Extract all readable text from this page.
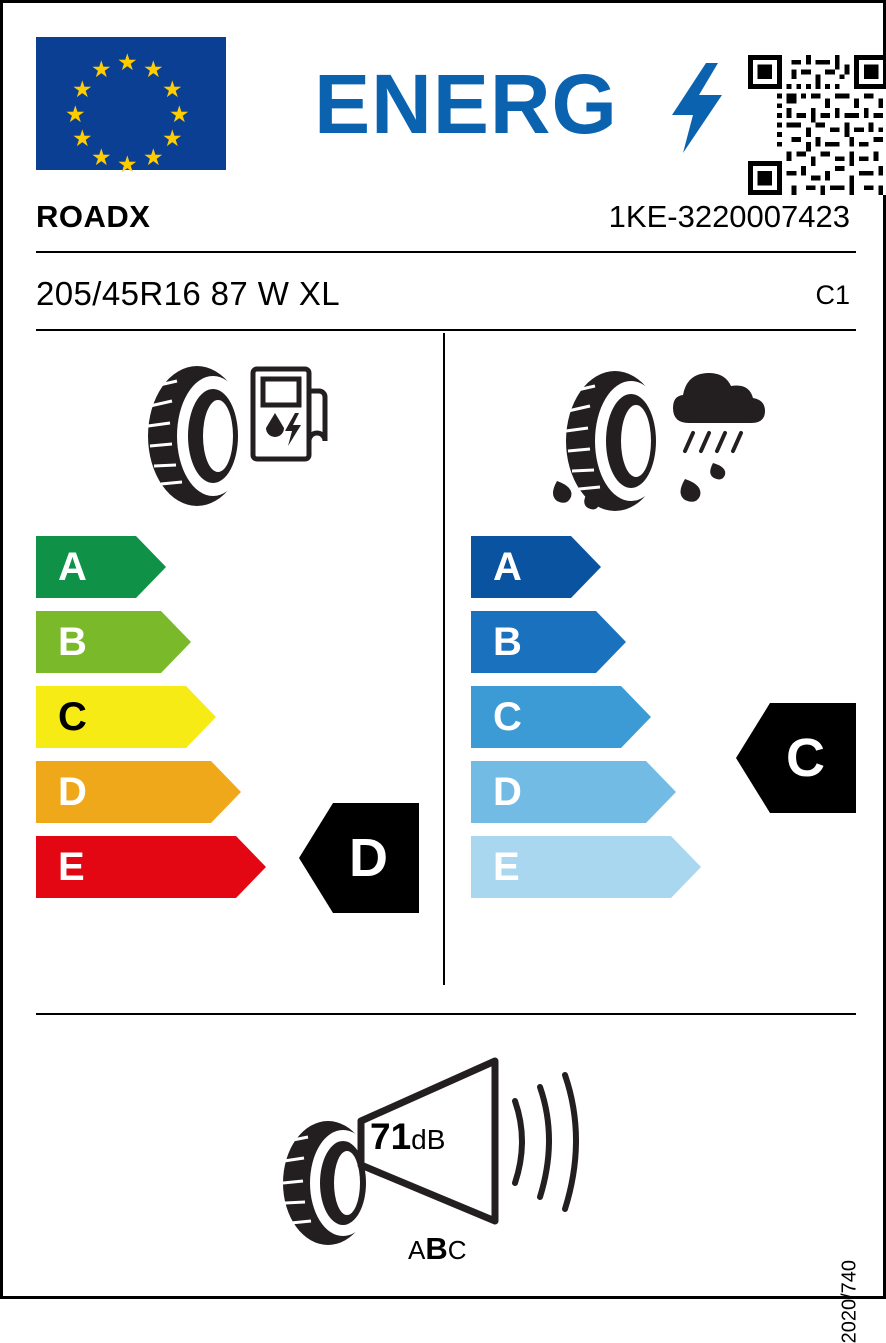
★
★ ★
★	★
★	★
★	★
★ ★
★
ENERG
ROADX	1KE-3220007423
205/45R16 87 W XL	C1
A
B
C
D
E	D
A
B
C
D
E
C
71dB
ABC
2020/740
